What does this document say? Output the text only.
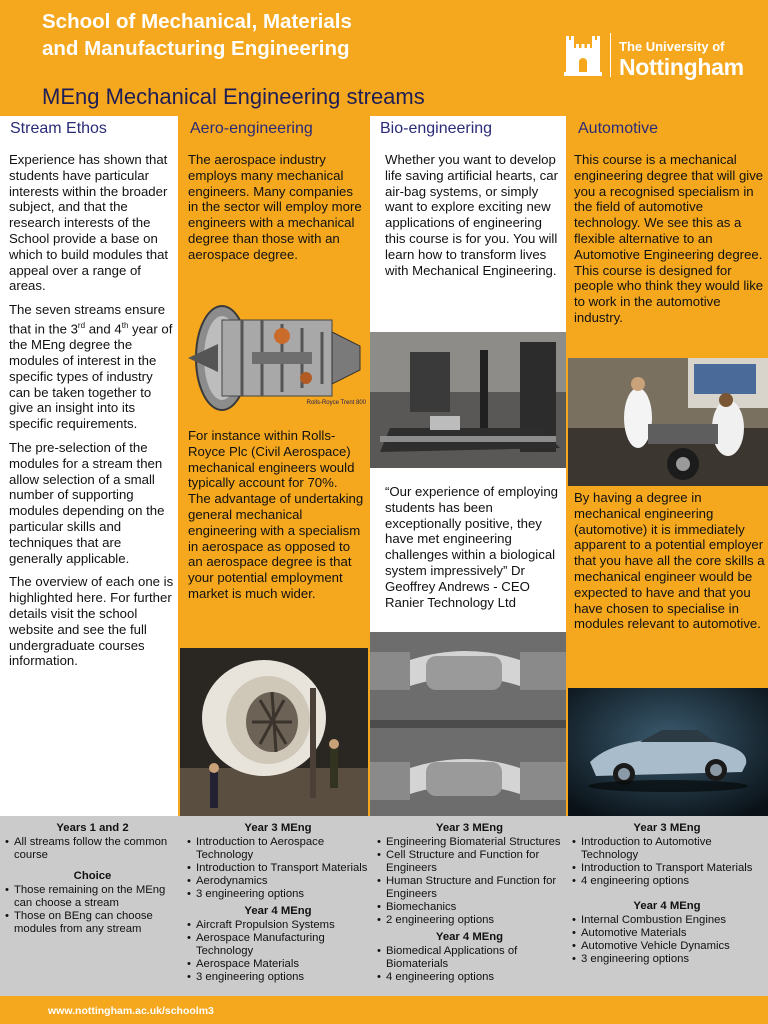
School of Mechanical, Materials
and Manufacturing Engineering
MEng Mechanical Engineering streams
The University of
Nottingham
Stream Ethos

Experience has shown that students have particular interests within the broader subject, and that the research interests of the School provide a base on which to build modules that appeal over a range of areas.

The seven streams ensure that in the 3rd and 4th year of the MEng degree the modules of interest in the specific types of industry can be taken together to give an insight into its specific requirements.

The pre-selection of the modules for a stream then allow selection of a small number of supporting modules depending on the particular skills and techniques that are generally applicable.

The overview of each one is highlighted here. For further details visit the school website and see the full undergraduate courses information.

Aero-engineering
The aerospace industry employs many mechanical engineers. Many companies in the sector will employ more engineers with a mechanical degree than those with an aerospace degree.
Rolls-Royce Trent 800
For instance within Rolls-Royce Plc (Civil Aerospace) mechanical engineers would typically account for 70%.
The advantage of undertaking general mechanical engineering with a specialism in aerospace as opposed to an aerospace degree is that your potential employment market is much wider.
Bio-engineering
Whether you want to develop life saving artificial hearts, car air-bag systems, or simply want to explore exciting new applications of engineering this course is for you. You will learn how to transform lives with Mechanical Engineering.
“Our experience of employing students has been exceptionally positive, they have met engineering challenges within a biological system impressively” Dr Geoffrey Andrews - CEO Ranier Technology Ltd
Automotive
This course is a mechanical engineering degree that will give you a recognised specialism in the field of automotive technology. We see this as a flexible alternative to an Automotive Engineering degree. This course is designed for people who think they would like to work in the automotive industry.
By having a degree in mechanical engineering (automotive) it is immediately apparent to a potential employer that you have all the core skills a mechanical engineer would be expected to have and that you have chosen to specialise in modules relevant to automotive.
Years 1 and 2
• All streams follow the common course
Choice
• Those remaining on the MEng can choose a stream
• Those on BEng can choose modules from any stream
Year 3 MEng
• Introduction to Aerospace Technology
• Introduction to Transport Materials
• Aerodynamics
• 3 engineering options
Year 4 MEng
• Aircraft Propulsion Systems
• Aerospace Manufacturing Technology
• Aerospace Materials
• 3 engineering options
Year 3 MEng
• Engineering Biomaterial Structures
• Cell Structure and Function for Engineers
• Human Structure and Function for Engineers
• Biomechanics
• 2 engineering options
Year 4 MEng
• Biomedical Applications of Biomaterials
• 4 engineering options
Year 3 MEng
• Introduction to Automotive Technology
• Introduction to Transport Materials
• 4 engineering options
Year 4 MEng
• Internal Combustion Engines
• Automotive Materials
• Automotive Vehicle Dynamics
• 3 engineering options
www.nottingham.ac.uk/schoolm3
